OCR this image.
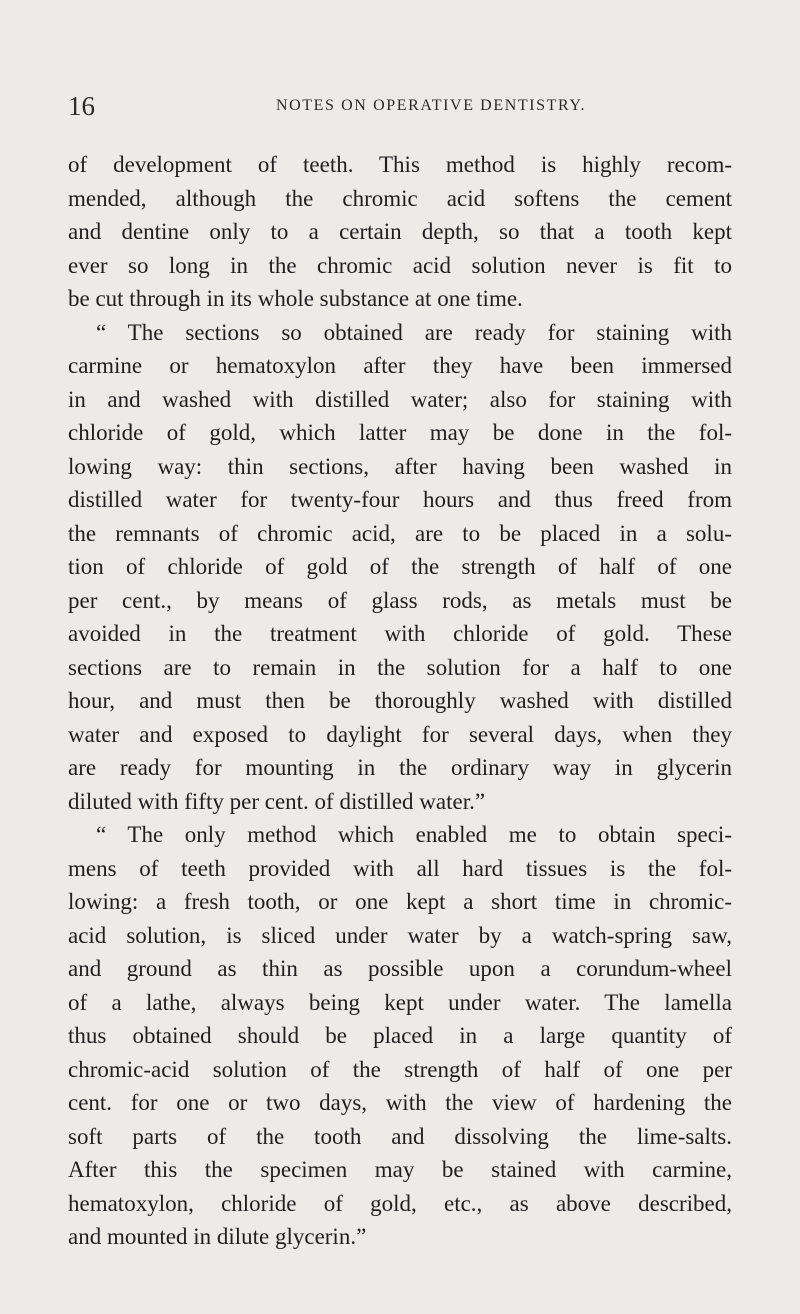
16	NOTES ON OPERATIVE DENTISTRY.
of development of teeth. This method is highly recom-
mended, although the chromic acid softens the cement
and dentine only to a certain depth, so that a tooth kept
ever so long in the chromic acid solution never is fit to
be cut through in its whole substance at one time.
“ The sections so obtained are ready for staining with
carmine or hematoxylon after they have been immersed
in and washed with distilled water; also for staining with
chloride of gold, which latter may be done in the fol-
lowing way: thin sections, after having been washed in
distilled water for twenty-four hours and thus freed from
the remnants of chromic acid, are to be placed in a solu-
tion of chloride of gold of the strength of half of one
per cent., by means of glass rods, as metals must be
avoided in the treatment with chloride of gold. These
sections are to remain in the solution for a half to one
hour, and must then be thoroughly washed with distilled
water and exposed to daylight for several days, when they
are ready for mounting in the ordinary way in glycerin
diluted with fifty per cent. of distilled water.”
“ The only method which enabled me to obtain speci-
mens of teeth provided with all hard tissues is the fol-
lowing: a fresh tooth, or one kept a short time in chromic-
acid solution, is sliced under water by a watch-spring saw,
and ground as thin as possible upon a corundum-wheel
of a lathe, always being kept under water. The lamella
thus obtained should be placed in a large quantity of
chromic-acid solution of the strength of half of one per
cent. for one or two days, with the view of hardening the
soft parts of the tooth and dissolving the lime-salts.
After this the specimen may be stained with carmine,
hematoxylon, chloride of gold, etc., as above described,
and mounted in dilute glycerin.”
